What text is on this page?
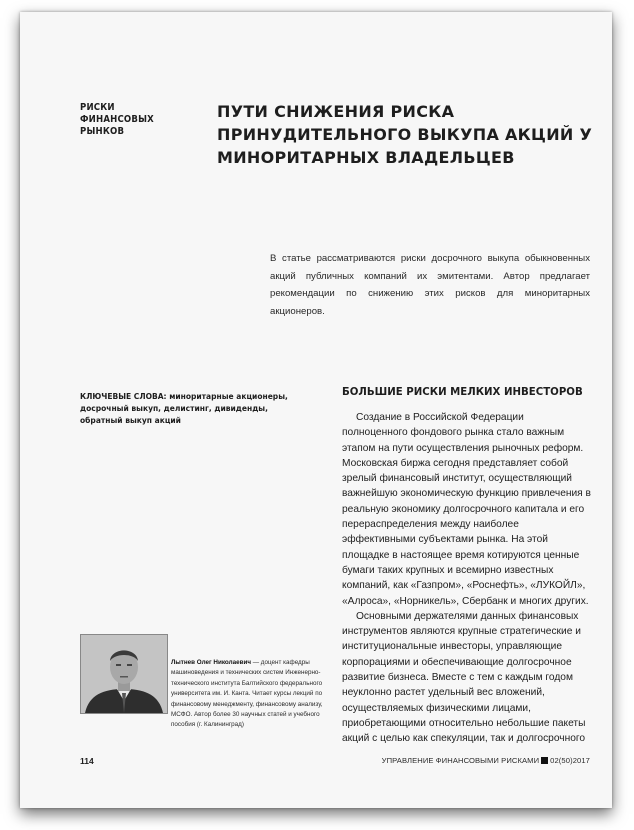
РИСКИ ФИНАНСОВЫХ РЫНКОВ
ПУТИ СНИЖЕНИЯ РИСКА ПРИНУДИТЕЛЬНОГО ВЫКУПА АКЦИЙ У МИНОРИТАРНЫХ ВЛАДЕЛЬЦЕВ
В статье рассматриваются риски досрочного выкупа обыкновенных акций публичных компаний их эмитентами. Автор предлагает рекомендации по снижению этих рисков для миноритарных акционеров.
КЛЮЧЕВЫЕ СЛОВА: миноритарные акционеры, досрочный выкуп, делистинг, дивиденды, обратный выкуп акций
Лытнев Олег Николаевич — доцент кафедры машиноведения и технических систем Инженерно-технического института Балтийского федерального университета им. И. Канта. Читает курсы лекций по финансовому менеджменту, финансовому анализу, МСФО. Автор более 30 научных статей и учебного пособия (г. Калининград)
БОЛЬШИЕ РИСКИ МЕЛКИХ ИНВЕСТОРОВ

Создание в Российской Федерации полноценного фондового рынка стало важным этапом на пути осуществления рыночных реформ. Московская биржа сегодня представляет собой зрелый финансовый институт, осуществляющий важнейшую экономическую функцию привлечения в реальную экономику долгосрочного капитала и его перераспределения между наиболее эффективными субъектами рынка. На этой площадке в настоящее время котируются ценные бумаги таких крупных и всемирно известных компаний, как «Газпром», «Роснефть», «ЛУКОЙЛ», «Алроса», «Норникель», Сбербанк и многих других.

Основными держателями данных финансовых инструментов являются крупные стратегические и институциональные инвесторы, управляющие корпорациями и обеспечивающие долгосрочное развитие бизнеса. Вместе с тем с каждым годом неуклонно растет удельный вес вложений, осуществляемых физическими лицами, приобретающими относительно небольшие пакеты акций с целью как спекуляции, так и долгосрочного

114	УПРАВЛЕНИЕ ФИНАНСОВЫМИ РИСКАМИ 02(50)2017
